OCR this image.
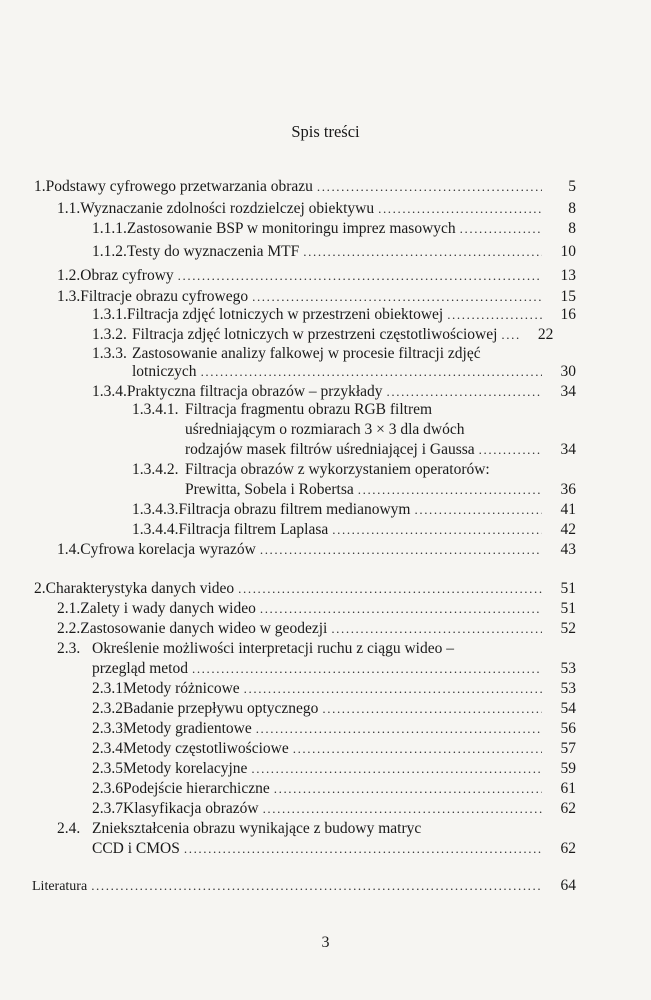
Spis treści
1. Podstawy cyfrowego przetwarzania obrazu .....	5
1.1. Wyznaczanie zdolności rozdzielczej obiektywu .....	8
1.1.1. Zastosowanie BSP w monitoringu imprez masowych .....	8
1.1.2. Testy do wyznaczenia MTF .....	10
1.2. Obraz cyfrowy .....	13
1.3. Filtracje obrazu cyfrowego .....	15
1.3.1. Filtracja zdjęć lotniczych w przestrzeni obiektowej .....	16
1.3.2. Filtracja zdjęć lotniczych w przestrzeni częstotliwościowej .....	22
1.3.3. Zastosowanie analizy falkowej w procesie filtracji zdjęć
lotniczych .....	30
1.3.4. Praktyczna filtracja obrazów – przykłady .....	34
1.3.4.1. Filtracja fragmentu obrazu RGB filtrem
uśredniającym o rozmiarach 3 × 3 dla dwóch
rodzajów masek filtrów uśredniającej i Gaussa .....	34
1.3.4.2. Filtracja obrazów z wykorzystaniem operatorów:
Prewitta, Sobela i Robertsa .....	36
1.3.4.3. Filtracja obrazu filtrem medianowym .....	41
1.3.4.4. Filtracja filtrem Laplasa .....	42
1.4. Cyfrowa korelacja wyrazów .....	43
2. Charakterystyka danych video .....	51
2.1. Zalety i wady danych wideo .....	51
2.2. Zastosowanie danych wideo w geodezji .....	52
2.3. Określenie możliwości interpretacji ruchu z ciągu wideo –
przegląd metod .....	53
2.3.1 Metody różnicowe .....	53
2.3.2 Badanie przepływu optycznego .....	54
2.3.3 Metody gradientowe .....	56
2.3.4 Metody częstotliwościowe .....	57
2.3.5 Metody korelacyjne .....	59
2.3.6 Podejście hierarchiczne .....	61
2.3.7 Klasyfikacja obrazów .....	62
2.4. Zniekształcenia obrazu wynikające z budowy matryc
CCD i CMOS .....	62
Literatura .....	64
3
